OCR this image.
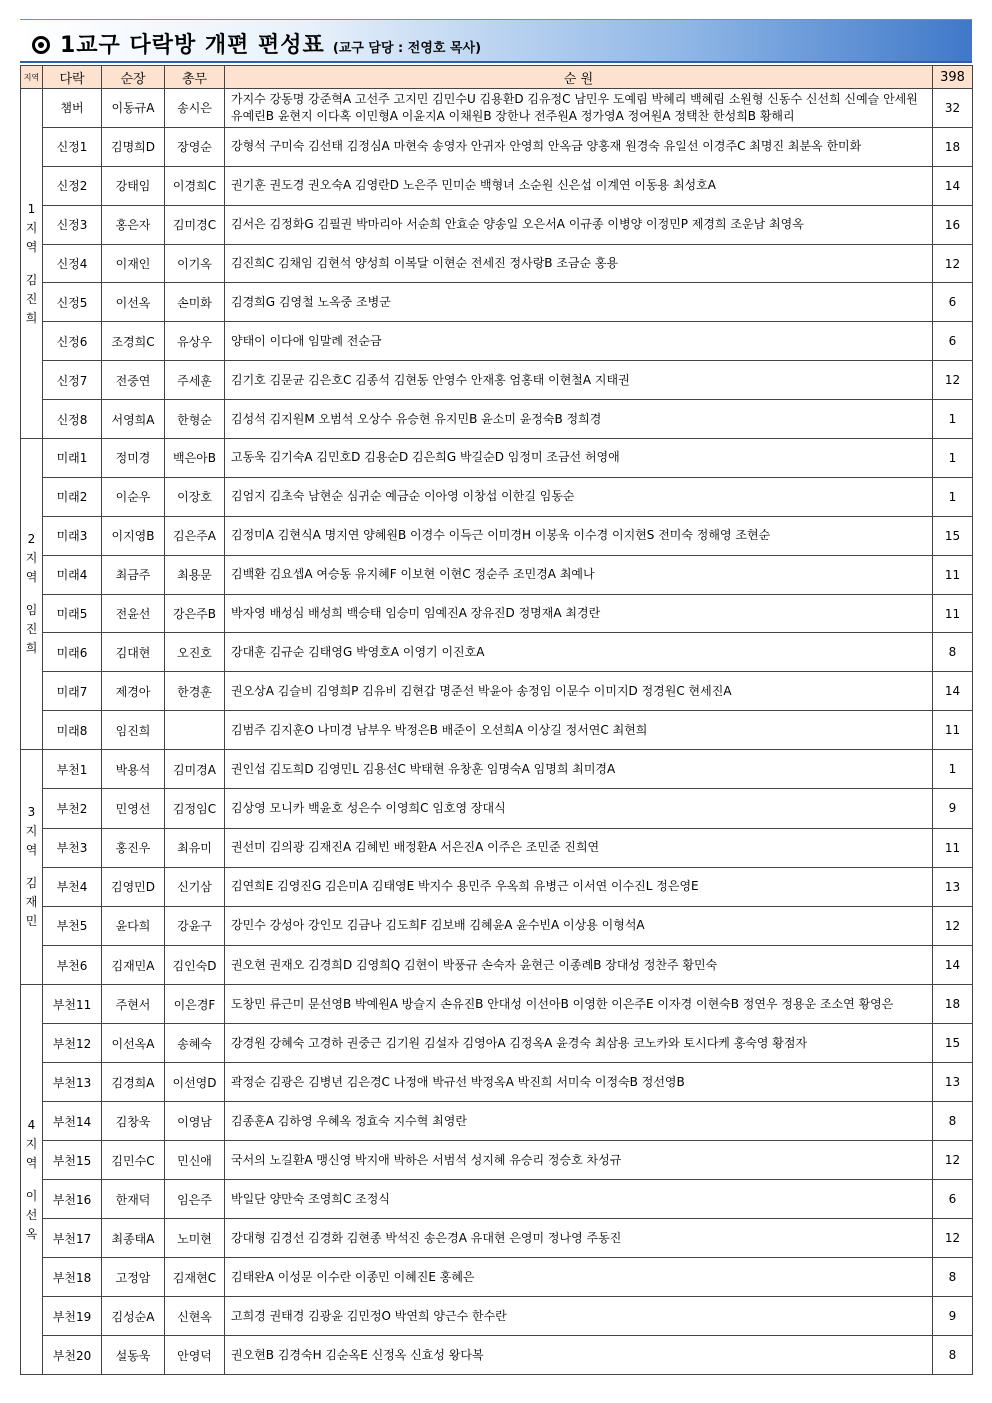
1교구 다락방 개편 편성표 (교구 담당 : 전영호 목사)
지역	다락	순장	총무	순 원	398

1지역
김진희	챔버	이동규A	송시은	가지수 강동명 강준혁A 고선주 고지민 김민수U 김용환D 김유정C 남민우 도예림 박혜리 백혜림 소원형 신동수 신선희 신예슬 안세원 유예린B 윤현지 이다혹 이민형A 이윤지A 이채원B 장한나 전주원A 정가영A 정여원A 정택찬 한성희B 황해리	32
	신정1	김명희D	장영순	강형석 구미숙 김선태 김정심A 마현숙 송영자 안귀자 안영희 안옥금 양홍재 원경숙 유일선 이경주C 최명진 최분옥 한미화	18
	신정2	강태임	이경희C	권기훈 권도경 권오숙A 김영란D 노은주 민미순 백형녀 소순원 신은섭 이계연 이동용 최성호A	14
	신정3	홍은자	김미경C	김서은 김정화G 김필권 박마리아 서순희 안효순 양송일 오은서A 이규종 이병양 이정민P 제경희 조운남 최영옥	16
	신정4	이재인	이기옥	김진희C 김채임 김현석 양성희 이복달 이현순 전세진 정사랑B 조금순 홍용	12
	신정5	이선옥	손미화	김경희G 김영철 노옥중 조병군	6
	신정6	조경희C	유상우	양태이 이다애 임말례 전순금	6
	신정7	전중연	주세훈	김기호 김문균 김은호C 김종석 김현동 안영수 안재홍 엄홍태 이현철A 지태권	12
	신정8	서영희A	한형순	김성석 김지원M 오범석 오상수 유승현 유지민B 윤소미 윤정숙B 정희경	1

2지역
임진희	미래1	정미경	백은아B	고동욱 김기숙A 김민호D 김용순D 김은희G 박길순D 임정미 조금선 허영애	1
	미래2	이순우	이장호	김엄지 김초숙 남현순 심귀순 예금순 이아영 이창섭 이한길 임동순	1
	미래3	이지영B	김은주A	김정미A 김현식A 명지연 양혜원B 이경수 이득근 이미경H 이봉욱 이수경 이지현S 전미숙 정해영 조현순	15
	미래4	최금주	최용문	김백환 김요셉A 여승동 유지혜F 이보현 이현C 정순주 조민경A 최예나	11
	미래5	전윤선	강은주B	박자영 배성심 배성희 백승태 임승미 임예진A 장유진D 정명재A 최경란	11
	미래6	김대현	오진호	강대훈 김규순 김태영G 박영호A 이영기 이진호A	8
	미래7	제경아	한경훈	권오상A 김슬비 김영희P 김유비 김현갑 명준선 박윤아 송정임 이문수 이미지D 정경원C 현세진A	14
	미래8	임진희		김범주 김지훈O 나미경 남부우 박정은B 배준이 오선희A 이상길 정서연C 최현희	11

3지역
김재민	부천1	박용석	김미경A	권인섭 김도희D 김영민L 김용선C 박태현 유창훈 임명숙A 임명희 최미경A	1
	부천2	민영선	김정임C	김상영 모니카 백윤호 성은수 이영희C 임호영 장대식	9
	부천3	홍진우	최유미	권선미 김의광 김재진A 김혜빈 배정환A 서은진A 이주은 조민준 진희연	11
	부천4	김영민D	신기삼	김연희E 김영진G 김은미A 김태영E 박지수 용민주 우옥희 유병근 이서연 이수진L 정은영E	13
	부천5	윤다희	강윤구	강민수 강성아 강인모 김금나 김도희F 김보배 김혜윤A 윤수빈A 이상용 이형석A	12
	부천6	김재민A	김인숙D	권오현 권재오 김경희D 김영희Q 김현이 박풍규 손숙자 윤현근 이종례B 장대성 정찬주 황민숙	14

4지역
이선옥	부천11	주현서	이은경F	도창민 류근미 문선영B 박예원A 방슬지 손유진B 안대성 이선아B 이영한 이은주E 이자경 이현숙B 정연우 정용운 조소연 황영은	18
	부천12	이선옥A	송혜숙	강경원 강혜숙 고경하 권중근 김기원 김설자 김영아A 김정옥A 윤경숙 최삼용 코노카와 토시다케 홍숙영 황점자	15
	부천13	김경희A	이선영D	곽정순 김광은 김병년 김은경C 나정애 박규선 박정옥A 박진희 서미숙 이정숙B 정선영B	13
	부천14	김창욱	이영남	김종훈A 김하영 우혜옥 정효숙 지수혁 최영란	8
	부천15	김민수C	민신애	국서의 노길환A 맹신영 박지애 박하은 서범석 성지혜 유승리 정승호 차성규	12
	부천16	한재덕	임은주	박일단 양만숙 조영희C 조정식	6
	부천17	최종태A	노미현	강대형 김경선 김경화 김현종 박석진 송은경A 유대현 은영미 정나영 주동진	12
	부천18	고정암	김재현C	김태완A 이성문 이수란 이종민 이혜진E 홍혜은	8
	부천19	김성순A	신현옥	고희경 권태경 김광윤 김민정O 박연희 양근수 한수란	9
	부천20	설동욱	안영덕	권오현B 김경숙H 김순옥E 신정옥 신효성 왕다복	8
